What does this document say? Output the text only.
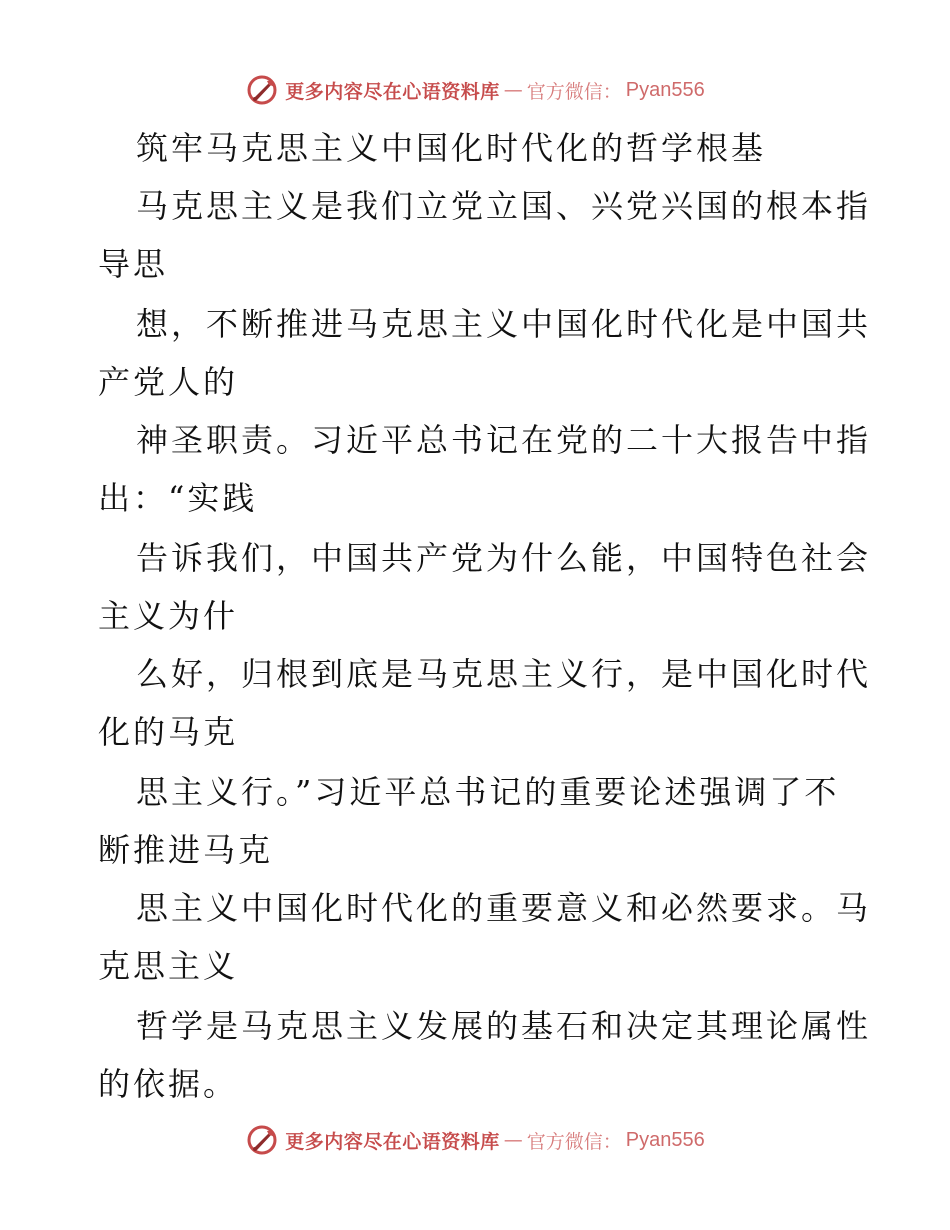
更多内容尽在心语资料库 — 官方微信： Pyan556
筑牢马克思主义中国化时代化的哲学根基
马克思主义是我们立党立国、兴党兴国的根本指
导思
想，不断推进马克思主义中国化时代化是中国共
产党人的
神圣职责。习近平总书记在党的二十大报告中指
出：“实践
告诉我们，中国共产党为什么能，中国特色社会
主义为什
么好，归根到底是马克思主义行，是中国化时代
化的马克
思主义行。”习近平总书记的重要论述强调了不
断推进马克
思主义中国化时代化的重要意义和必然要求。马
克思主义
哲学是马克思主义发展的基石和决定其理论属性
的依据。
更多内容尽在心语资料库 — 官方微信： Pyan556
